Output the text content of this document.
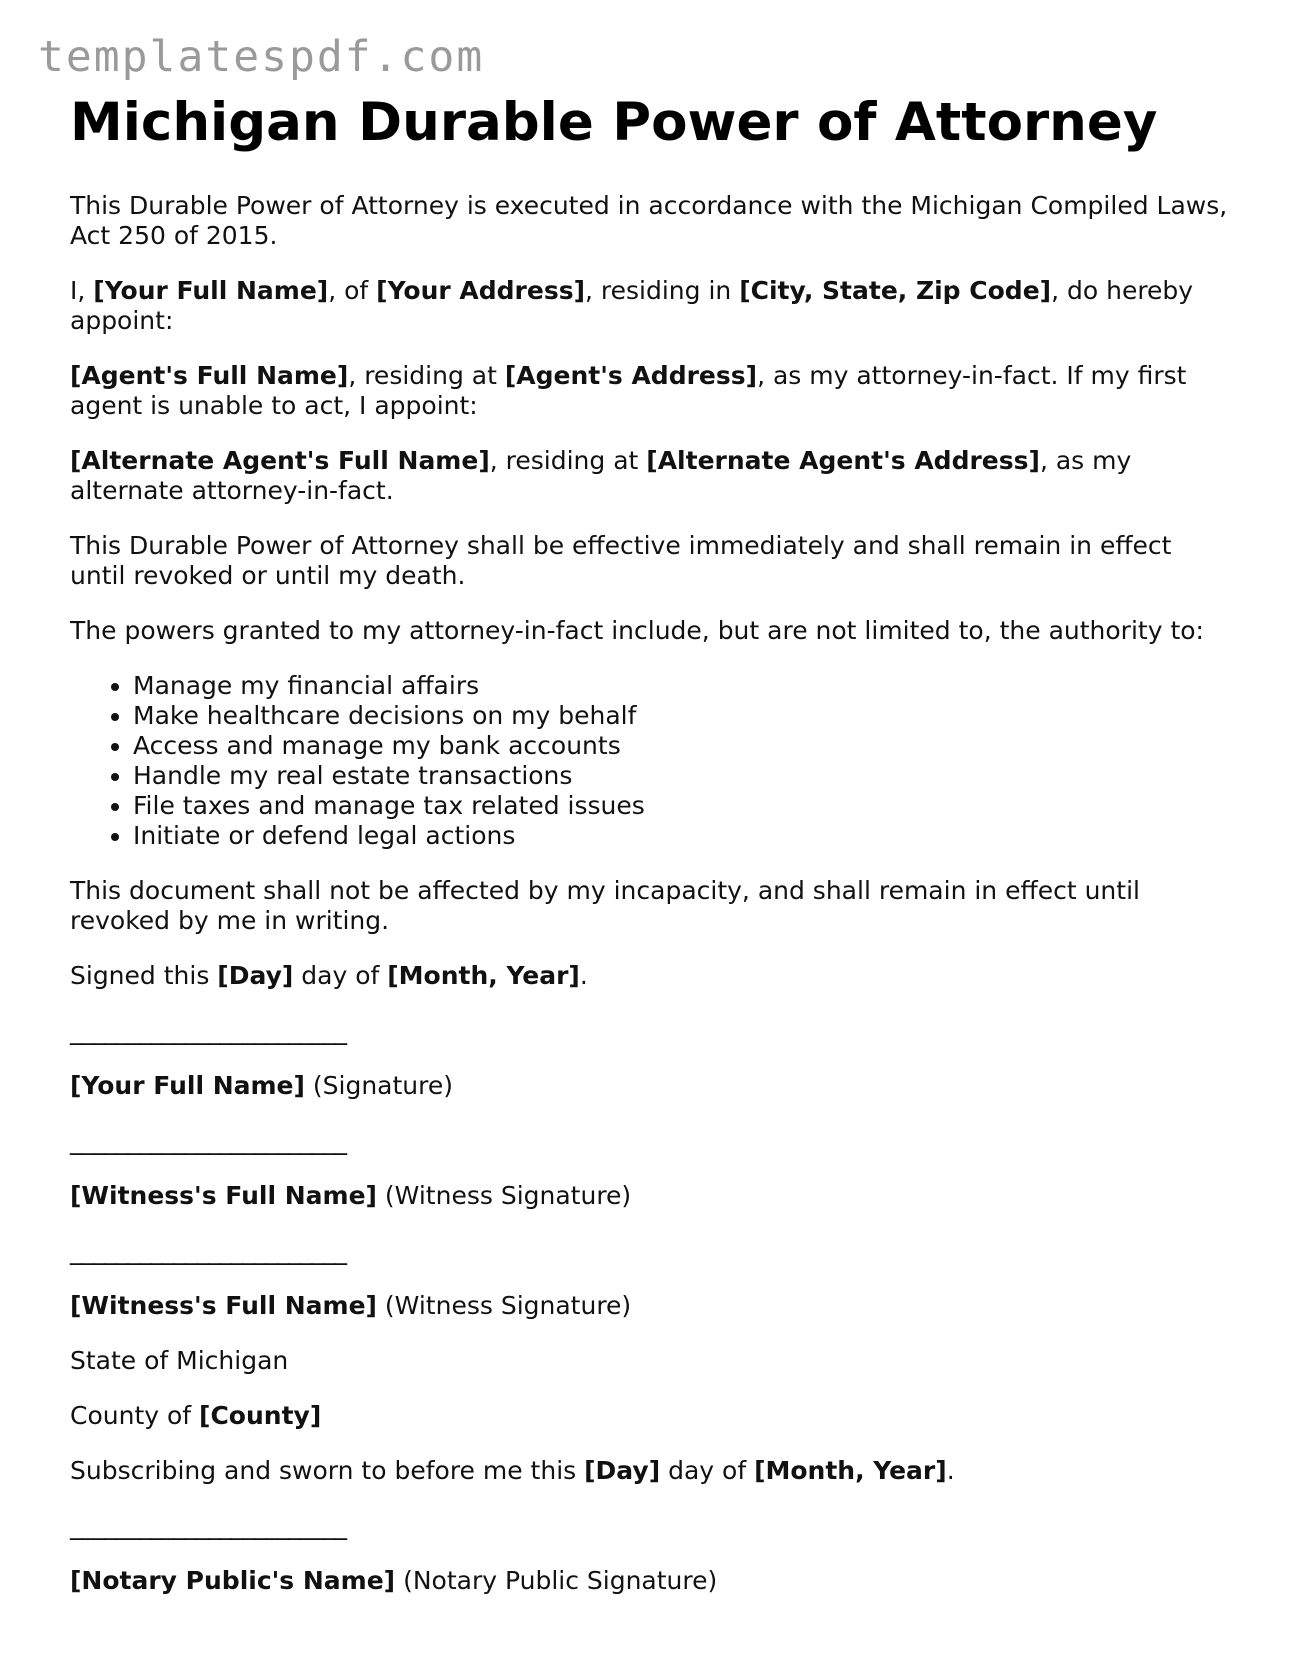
templatespdf.com
Michigan Durable Power of Attorney

This Durable Power of Attorney is executed in accordance with the Michigan Compiled Laws, Act 250 of 2015.

I, [Your Full Name], of [Your Address], residing in [City, State, Zip Code], do hereby appoint:

[Agent's Full Name], residing at [Agent's Address], as my attorney-in-fact. If my first agent is unable to act, I appoint:

[Alternate Agent's Full Name], residing at [Alternate Agent's Address], as my alternate attorney-in-fact.

This Durable Power of Attorney shall be effective immediately and shall remain in effect until revoked or until my death.

The powers granted to my attorney-in-fact include, but are not limited to, the authority to:

• Manage my financial affairs
• Make healthcare decisions on my behalf
• Access and manage my bank accounts
• Handle my real estate transactions
• File taxes and manage tax related issues
• Initiate or defend legal actions

This document shall not be affected by my incapacity, and shall remain in effect until revoked by me in writing.

Signed this [Day] day of [Month, Year].

________________________

[Your Full Name] (Signature)

________________________

[Witness's Full Name] (Witness Signature)

________________________

[Witness's Full Name] (Witness Signature)

State of Michigan

County of [County]

Subscribing and sworn to before me this [Day] day of [Month, Year].

________________________

[Notary Public's Name] (Notary Public Signature)
